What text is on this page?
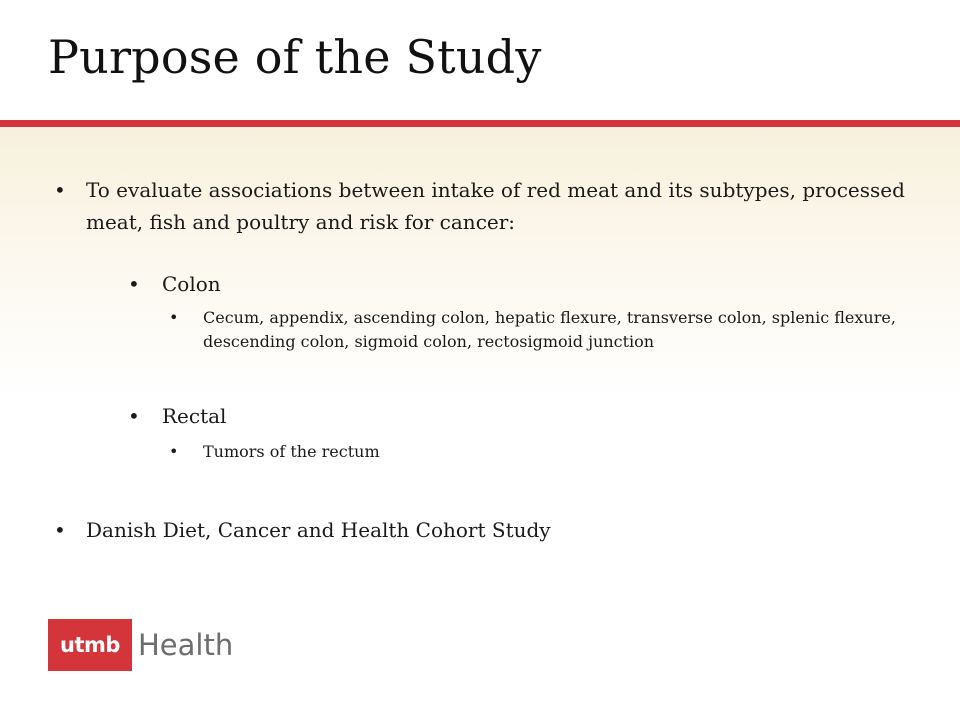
Purpose of the Study
• To evaluate associations between intake of red meat and its subtypes, processed meat, fish and poultry and risk for cancer:

• Colon

• Cecum, appendix, ascending colon, hepatic flexure, transverse colon, splenic flexure, descending colon, sigmoid colon, rectosigmoid junction

• Rectal

• Tumors of the rectum

• Danish Diet, Cancer and Health Cohort Study

utmb Health
